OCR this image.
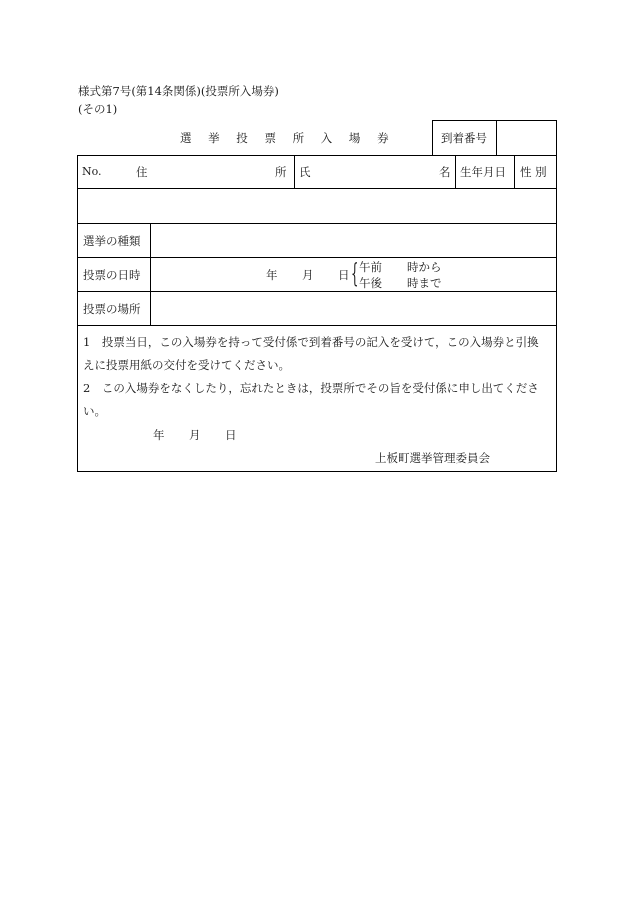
様式第7号(第14条関係)(投票所入場券)
(その1)
選 挙 投 票 所 入 場 券	到着番号
No.	住	所 氏	名 生年月日 性 別
選挙の種類
投票の日時	年 月 日 { 午前 時から
午後 時まで
投票の場所
1　投票当日，この入場券を持って受付係で到着番号の記入を受けて，この入場券と引換
えに投票用紙の交付を受けてください。
2　この入場券をなくしたり，忘れたときは，投票所でその旨を受付係に申し出てくださ
い。
年 月 日
上板町選挙管理委員会
